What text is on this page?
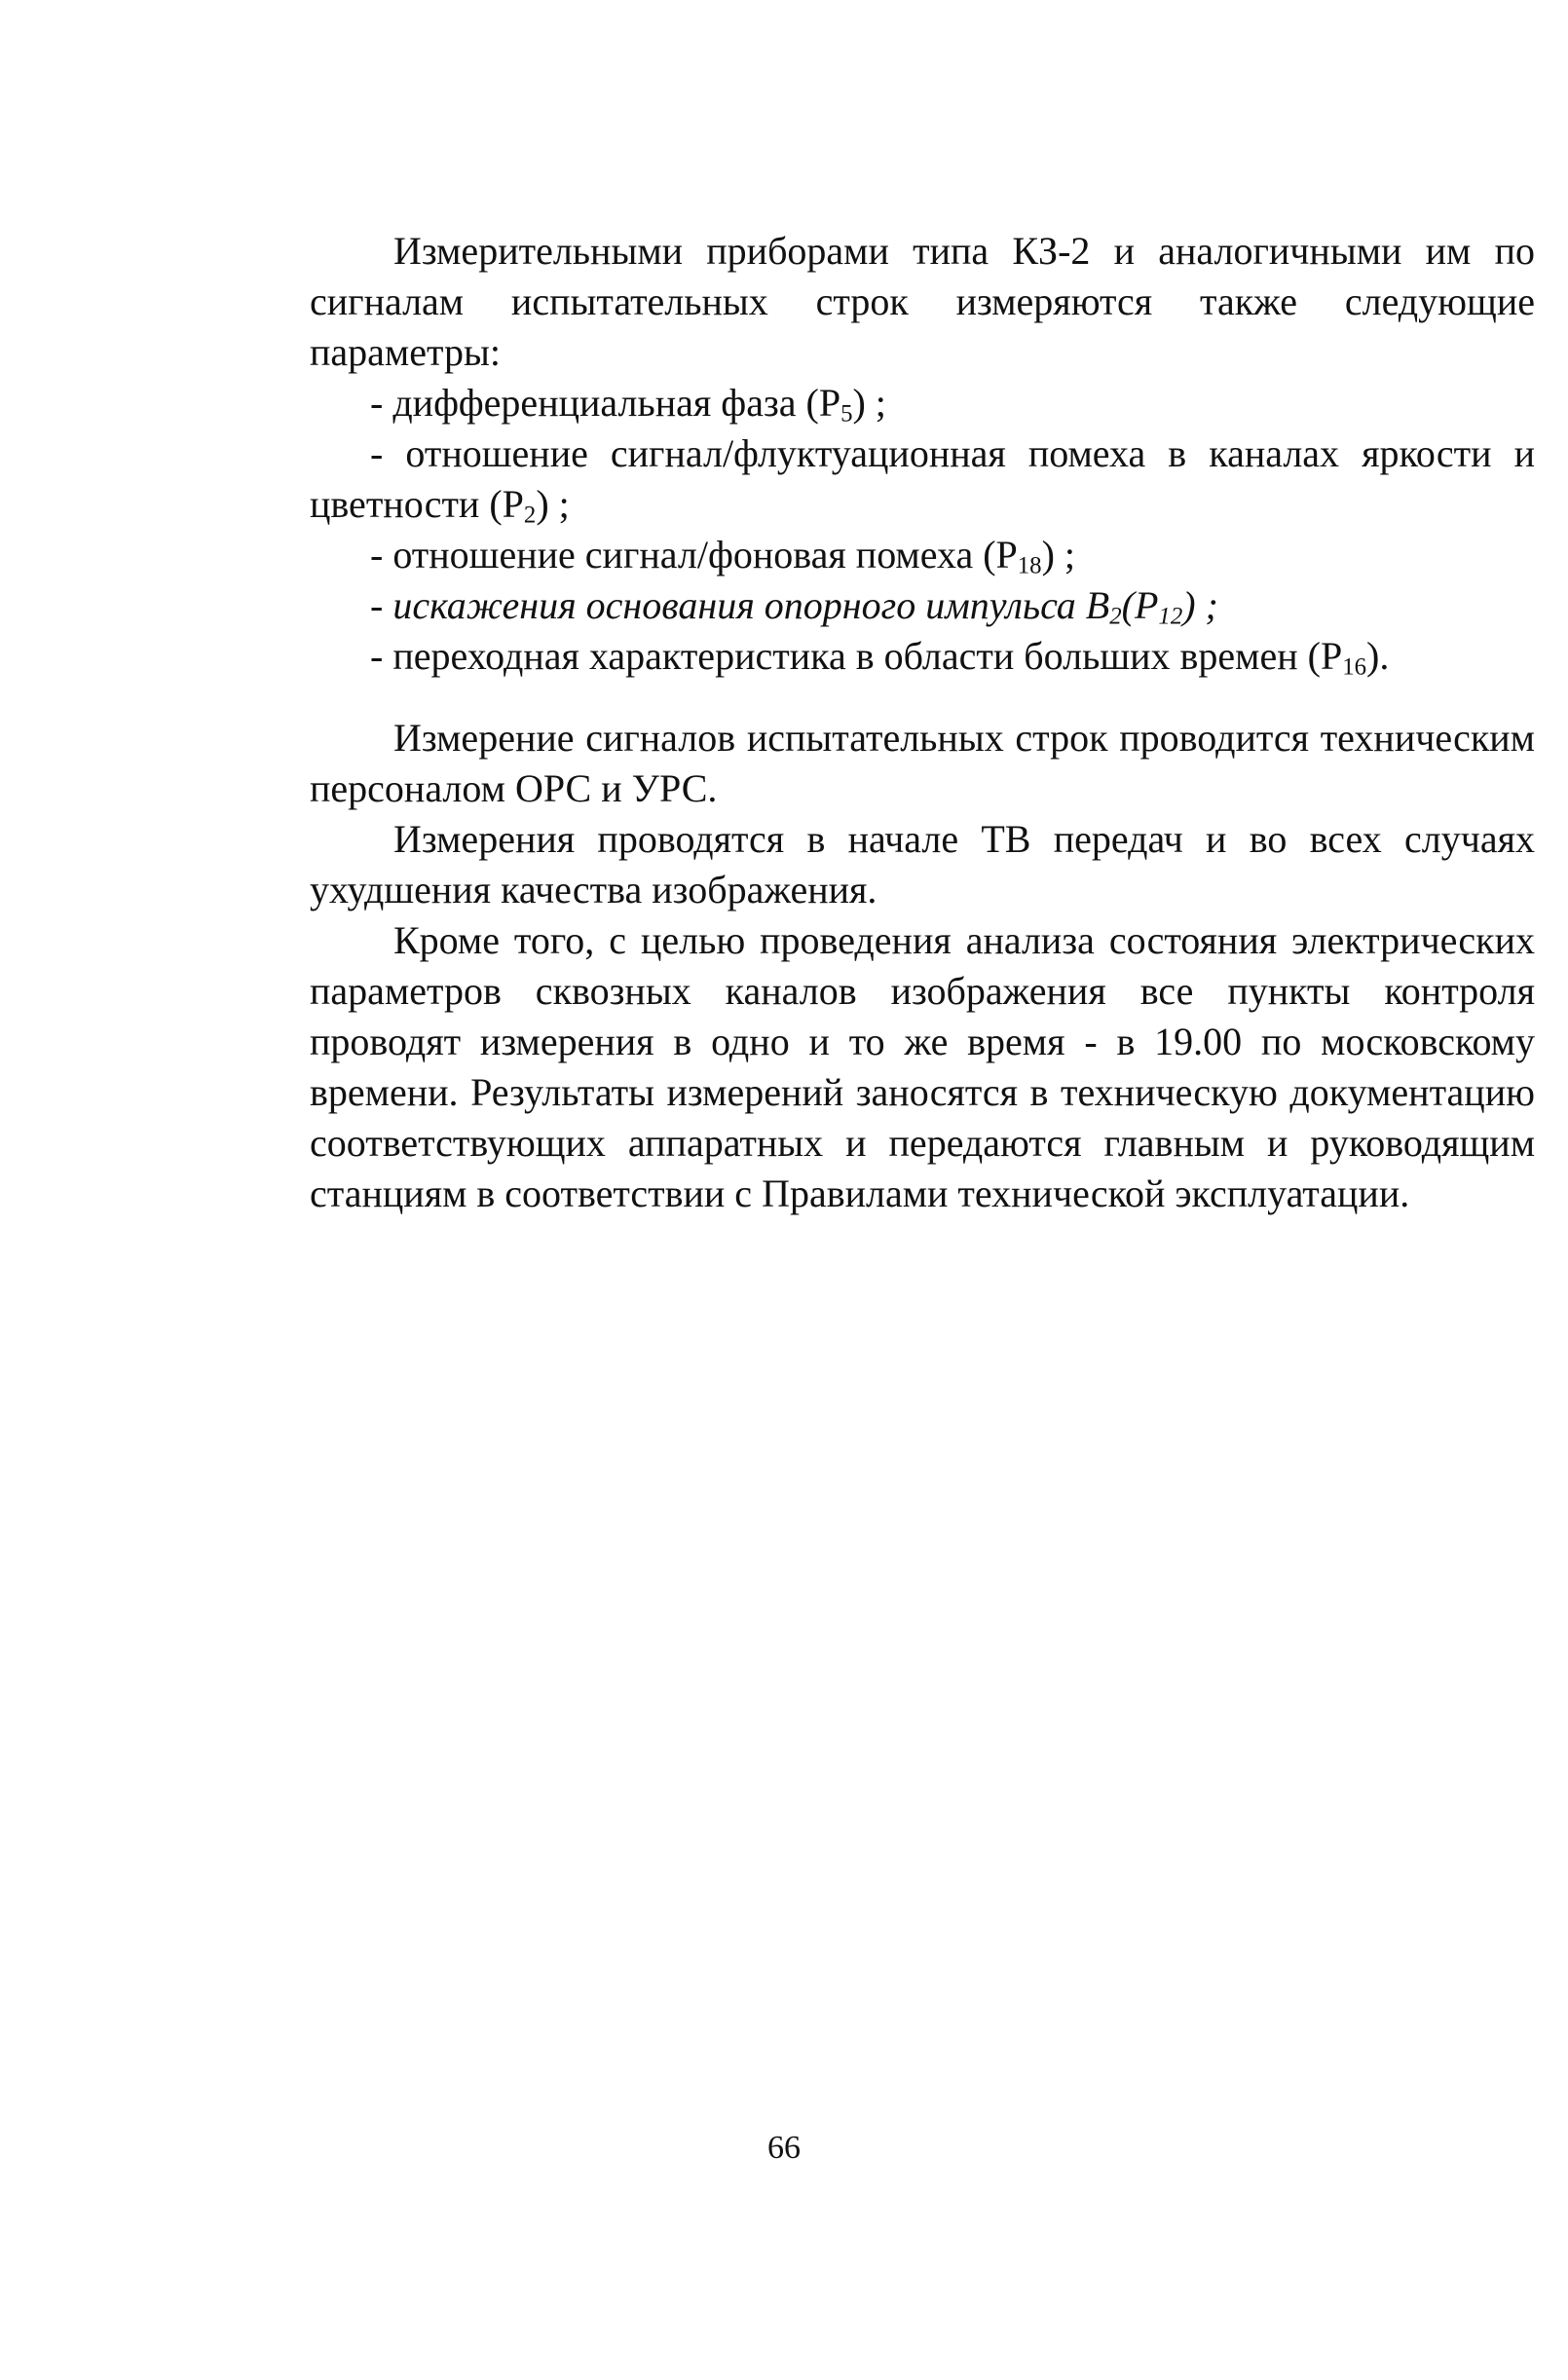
Измерительными приборами типа КЗ-2 и аналогичными им по сигналам испытательных строк измеряются также следующие параметры:

- дифференциальная фаза $(P_5)$ ;

- отношение сигнал/флуктуационная помеха в каналах яркости и цветности $(P_2)$ ;

- отношение сигнал/фоновая помеха $(P_{18})$ ;

- искажения основания опорного импульса $B_2(P_{12})$ ;

- переходная характеристика в области больших времен $(P_{16})$.

Измерение сигналов испытательных строк проводится техническим персоналом ОРС и УРС.

Измерения проводятся в начале ТВ передач и во всех случаях ухудшения качества изображения.

Кроме того, с целью проведения анализа состояния электрических параметров сквозных каналов изображения все пункты контроля проводят измерения в одно и то же время - в 19.00 по московскому времени. Результаты измерений заносятся в техническую документацию соответствующих аппаратных и передаются главным и руководящим станциям в соответствии с Правилами технической эксплуатации.

66
